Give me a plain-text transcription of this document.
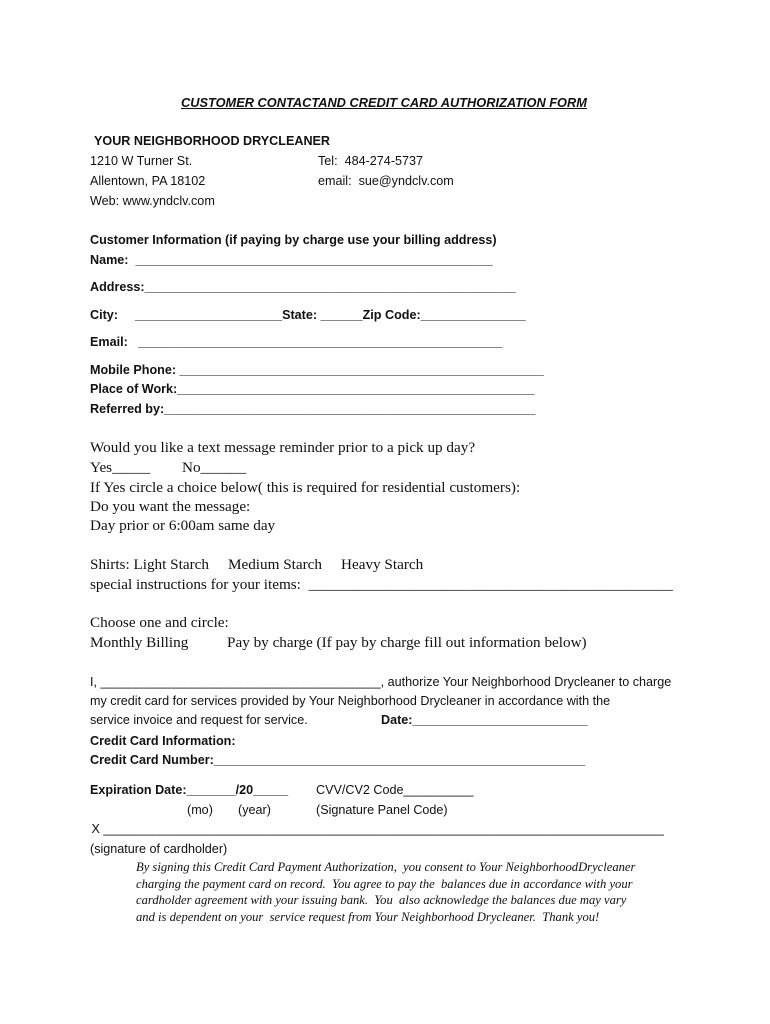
CUSTOMER CONTACTAND CREDIT CARD AUTHORIZATION FORM
YOUR NEIGHBORHOOD DRYCLEANER
1210 W Turner St.
Allentown, PA 18102
Web: www.yndclv.com
Tel:  484-274-5737
email:  sue@yndclv.com
Customer Information (if paying by charge use your billing address)
Name:  ___________________________________________________
Address:_____________________________________________________
City: _____________________State: ______Zip Code:_______________
Email:   ____________________________________________________
Mobile Phone: ____________________________________________________
Place of Work:___________________________________________________
Referred by:_____________________________________________________
Would you like a text message reminder prior to a pick up day?
Yes_____ No______
If Yes circle a choice below( this is required for residential customers):
Do you want the message:
Day prior or 6:00am same day
Shirts: Light Starch     Medium Starch     Heavy Starch
special instructions for your items:  ________________________________________________
Choose one and circle:
Monthly Billing	Pay by charge (If pay by charge fill out information below)
I, ________________________________________, authorize Your Neighborhood Drycleaner to charge
my credit card for services provided by Your Neighborhood Drycleaner in accordance with the
service invoice and request for service.	Date:_________________________
Credit Card Information:
Credit Card Number:_____________________________________________________
Expiration Date:_______/20_____ CVV/CV2 Code__________
(mo) (year)	(Signature Panel Code)
X ________________________________________________________________________________
(signature of cardholder)
By signing this Credit Card Payment Authorization,  you consent to Your NeighborhoodDrycleaner
charging the payment card on record.  You agree to pay the  balances due in accordance with your
cardholder agreement with your issuing bank.  You  also acknowledge the balances due may vary
and is dependent on your  service request from Your Neighborhood Drycleaner.  Thank you!
